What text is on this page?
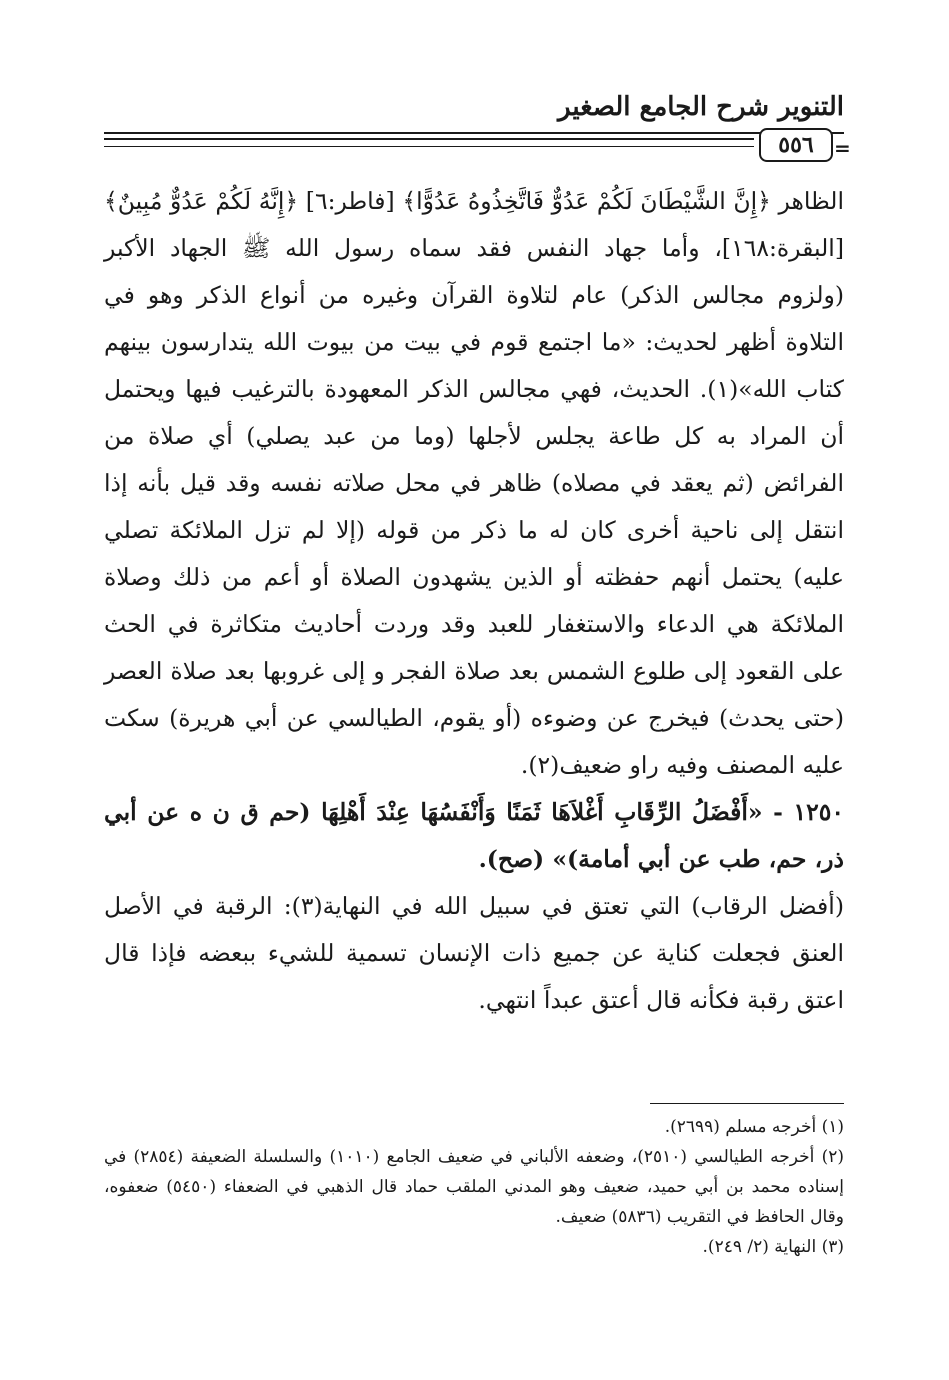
التنوير شرح الجامع الصغير
٥٥٦	=

الظاهر ﴿إِنَّ الشَّيْطَانَ لَكُمْ عَدُوٌّ فَاتَّخِذُوهُ عَدُوًّا﴾ [فاطر:٦] ﴿إِنَّهُ لَكُمْ عَدُوٌّ مُبِينٌ﴾ [البقرة:١٦٨]، وأما جهاد النفس فقد سماه رسول الله ﷺ الجهاد الأكبر (ولزوم مجالس الذكر) عام لتلاوة القرآن وغيره من أنواع الذكر وهو في التلاوة أظهر لحديث: «ما اجتمع قوم في بيت من بيوت الله يتدارسون بينهم كتاب الله»(١). الحديث، فهي مجالس الذكر المعهودة بالترغيب فيها ويحتمل أن المراد به كل طاعة يجلس لأجلها (وما من عبد يصلي) أي صلاة من الفرائض (ثم يعقد في مصلاه) ظاهر في محل صلاته نفسه وقد قيل بأنه إذا انتقل إلى ناحية أخرى كان له ما ذكر من قوله (إلا لم تزل الملائكة تصلي عليه) يحتمل أنهم حفظته أو الذين يشهدون الصلاة أو أعم من ذلك وصلاة الملائكة هي الدعاء والاستغفار للعبد وقد وردت أحاديث متكاثرة في الحث على القعود إلى طلوع الشمس بعد صلاة الفجر و إلى غروبها بعد صلاة العصر (حتى يحدث) فيخرج عن وضوءه (أو يقوم، الطيالسي عن أبي هريرة) سكت عليه المصنف وفيه راو ضعيف(٢).

١٢٥٠ - «أَفْضَلُ الرِّقَابِ أَغْلاَهَا ثَمَنًا وَأَنْفَسُهَا عِنْدَ أَهْلِهَا (حم ق ن ه عن أبي ذر، حم، طب عن أبي أمامة)» (صح).

(أفضل الرقاب) التي تعتق في سبيل الله في النهاية(٣): الرقبة في الأصل العنق فجعلت كناية عن جميع ذات الإنسان تسمية للشيء ببعضه فإذا قال اعتق رقبة فكأنه قال أعتق عبداً انتهي.

(١) أخرجه مسلم (٢٦٩٩).

(٢) أخرجه الطيالسي (٢٥١٠)، وضعفه الألباني في ضعيف الجامع (١٠١٠) والسلسلة الضعيفة (٢٨٥٤) في إسناده محمد بن أبي حميد، ضعيف وهو المدني الملقب حماد قال الذهبي في الضعفاء (٥٤٥٠) ضعفوه، وقال الحافظ في التقريب (٥٨٣٦) ضعيف.

(٣) النهاية (٢/ ٢٤٩).
